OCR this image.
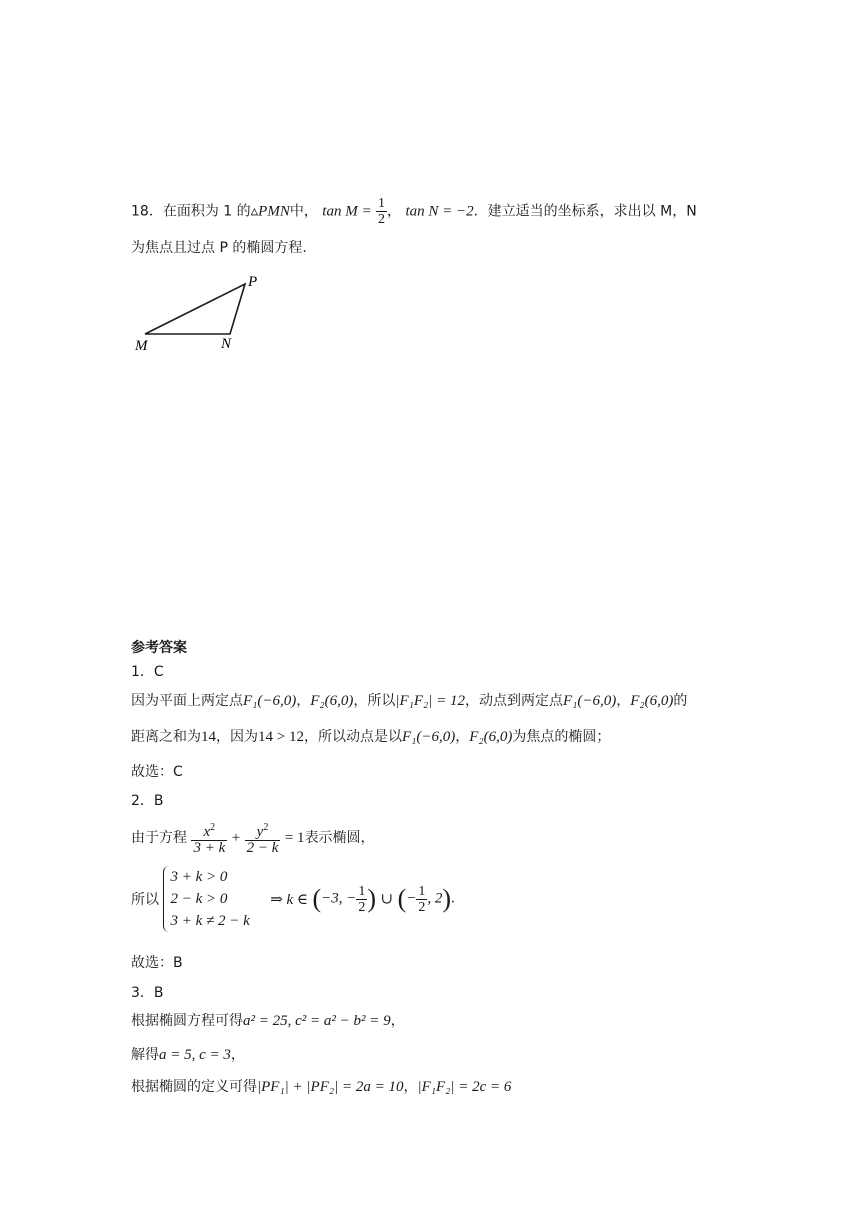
18．在面积为 1 的▵PMN中， $\tan M = \frac{1}{2}$ ， tan N = −2．建立适当的坐标系，求出以 M，N
为焦点且过点 P 的椭圆方程.
P
M	N
参考答案
1．C
因为平面上两定点F₁(−6,0)，F₂(6,0)，所以|F₁F₂| = 12，动点到两定点F₁(−6,0)，F₂(6,0)的
距离之和为14，因为14 > 12，所以动点是以F₁(−6,0)，F₂(6,0)为焦点的椭圆；
故选：C
2．B
由于方程 $\frac{x^2}{3 + k} + \frac{y^2}{2 - k} = 1$表示椭圆，
所以
3 + k > 0
2 − k > 0
3 + k ≠ 2 − k
⇒ k ∈ (−3, − $\frac{1}{2}$ ) ∪ (− $\frac{1}{2}$ , 2).
故选：B
3．B
根据椭圆方程可得a² = 25, c² = a² − b² = 9，
解得a = 5, c = 3，
根据椭圆的定义可得|PF₁| + |PF₂| = 2a = 10，|F₁F₂| = 2c = 6
